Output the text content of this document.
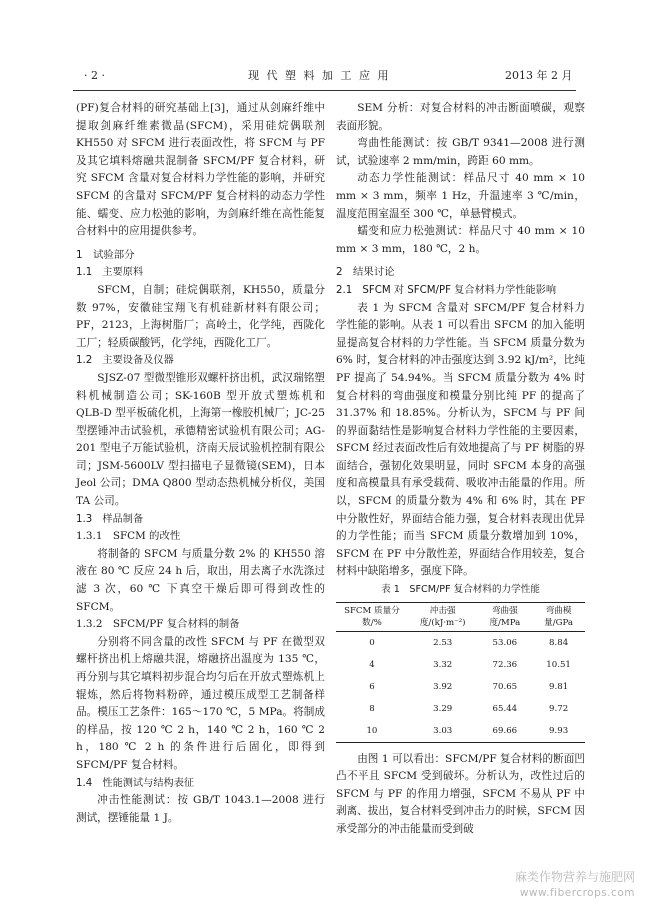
· 2 ·	现 代 塑 料 加 工 应 用	2013 年 2 月

(PF)复合材料的研究基础上[3]，通过从剑麻纤维中提取剑麻纤维素微晶(SFCM)，采用硅烷偶联剂KH550 对 SFCM 进行表面改性，将 SFCM 与 PF 及其它填料熔融共混制备 SFCM/PF 复合材料，研究 SFCM 含量对复合材料力学性能的影响，并研究 SFCM 的含量对 SFCM/PF 复合材料的动态力学性能、蠕变、应力松弛的影响，为剑麻纤维在高性能复合材料中的应用提供参考。

1　试验部分

1.1　主要原料

SFCM，自制；硅烷偶联剂，KH550，质量分数 97%，安徽硅宝翔飞有机硅新材料有限公司；PF，2123，上海树脂厂；高岭土，化学纯，西陇化工厂；轻质碳酸钙，化学纯，西陇化工厂。

1.2　主要设备及仪器

SJSZ-07 型微型锥形双螺杆挤出机，武汉瑞铭塑料机械制造公司；SK-160B 型开放式塑炼机和 QLB-D 型平板硫化机，上海第一橡胶机械厂；JC-25 型摆锤冲击试验机，承德精密试验机有限公司；AG-201 型电子万能试验机，济南天辰试验机控制有限公司；JSM-5600LV 型扫描电子显微镜(SEM)，日本 Jeol 公司；DMA Q800 型动态热机械分析仪，美国 TA 公司。

1.3　样品制备

1.3.1　SFCM 的改性

将制备的 SFCM 与质量分数 2% 的 KH550 溶液在 80 ℃ 反应 24 h 后，取出，用去离子水洗涤过滤 3 次，60 ℃ 下真空干燥后即可得到改性的 SFCM。

1.3.2　SFCM/PF 复合材料的制备

分别将不同含量的改性 SFCM 与 PF 在微型双螺杆挤出机上熔融共混，熔融挤出温度为 135 ℃，再分别与其它填料初步混合均匀后在开放式塑炼机上辊炼，然后将物料粉碎，通过模压成型工艺制备样品。模压工艺条件：165～170 ℃，5 MPa。将制成的样品，按 120 ℃ 2 h，140 ℃ 2 h，160 ℃ 2 h，180 ℃ 2 h 的条件进行后固化，即得到 SFCM/PF 复合材料。

1.4　性能测试与结构表征

冲击性能测试：按 GB/T 1043.1—2008 进行测试，摆锤能量 1 J。

SEM 分析：对复合材料的冲击断面喷碳，观察表面形貌。

弯曲性能测试：按 GB/T 9341—2008 进行测试，试验速率 2 mm/min，跨距 60 mm。

动态力学性能测试：样品尺寸 40 mm × 10 mm × 3 mm，频率 1 Hz，升温速率 3 ℃/min，温度范围室温至 300 ℃，单悬臂模式。

蠕变和应力松弛测试：样品尺寸 40 mm × 10 mm × 3 mm，180 ℃，2 h。

2　结果讨论

2.1　SFCM 对 SFCM/PF 复合材料力学性能影响

表 1 为 SFCM 含量对 SFCM/PF 复合材料力学性能的影响。从表 1 可以看出 SFCM 的加入能明显提高复合材料的力学性能。当 SFCM 质量分数为 6% 时，复合材料的冲击强度达到 3.92 kJ/m²，比纯 PF 提高了 54.94%。当 SFCM 质量分数为 4% 时复合材料的弯曲强度和模量分别比纯 PF 的提高了 31.37% 和 18.85%。分析认为，SFCM 与 PF 间的界面黏结性是影响复合材料力学性能的主要因素，SFCM 经过表面改性后有效地提高了与 PF 树脂的界面结合，强韧化效果明显，同时 SFCM 本身的高强度和高模量具有承受载荷、吸收冲击能量的作用。所以，SFCM 的质量分数为 4% 和 6% 时，其在 PF 中分散性好，界面结合能力强，复合材料表现出优异的力学性能；而当 SFCM 质量分数增加到 10%，SFCM 在 PF 中分散性差，界面结合作用较差，复合材料中缺陷增多，强度下降。

表 1　SFCM/PF 复合材料的力学性能

SFCM 质量分数/%	冲击强度/(kJ·m⁻²)	弯曲强度/MPa	弯曲模量/GPa
0	2.53	53.06	8.84
4	3.32	72.36	10.51
6	3.92	70.65	9.81
8	3.29	65.44	9.72
10	3.03	69.66	9.93

由图 1 可以看出：SFCM/PF 复合材料的断面凹凸不平且 SFCM 受到破坏。分析认为，改性过后的 SFCM 与 PF 的作用力增强，SFCM 不易从 PF 中剥离、拔出，复合材料受到冲击力的时候，SFCM 因承受部分的冲击能量而受到破

麻类作物营养与施肥网
www.fibercrops.com
